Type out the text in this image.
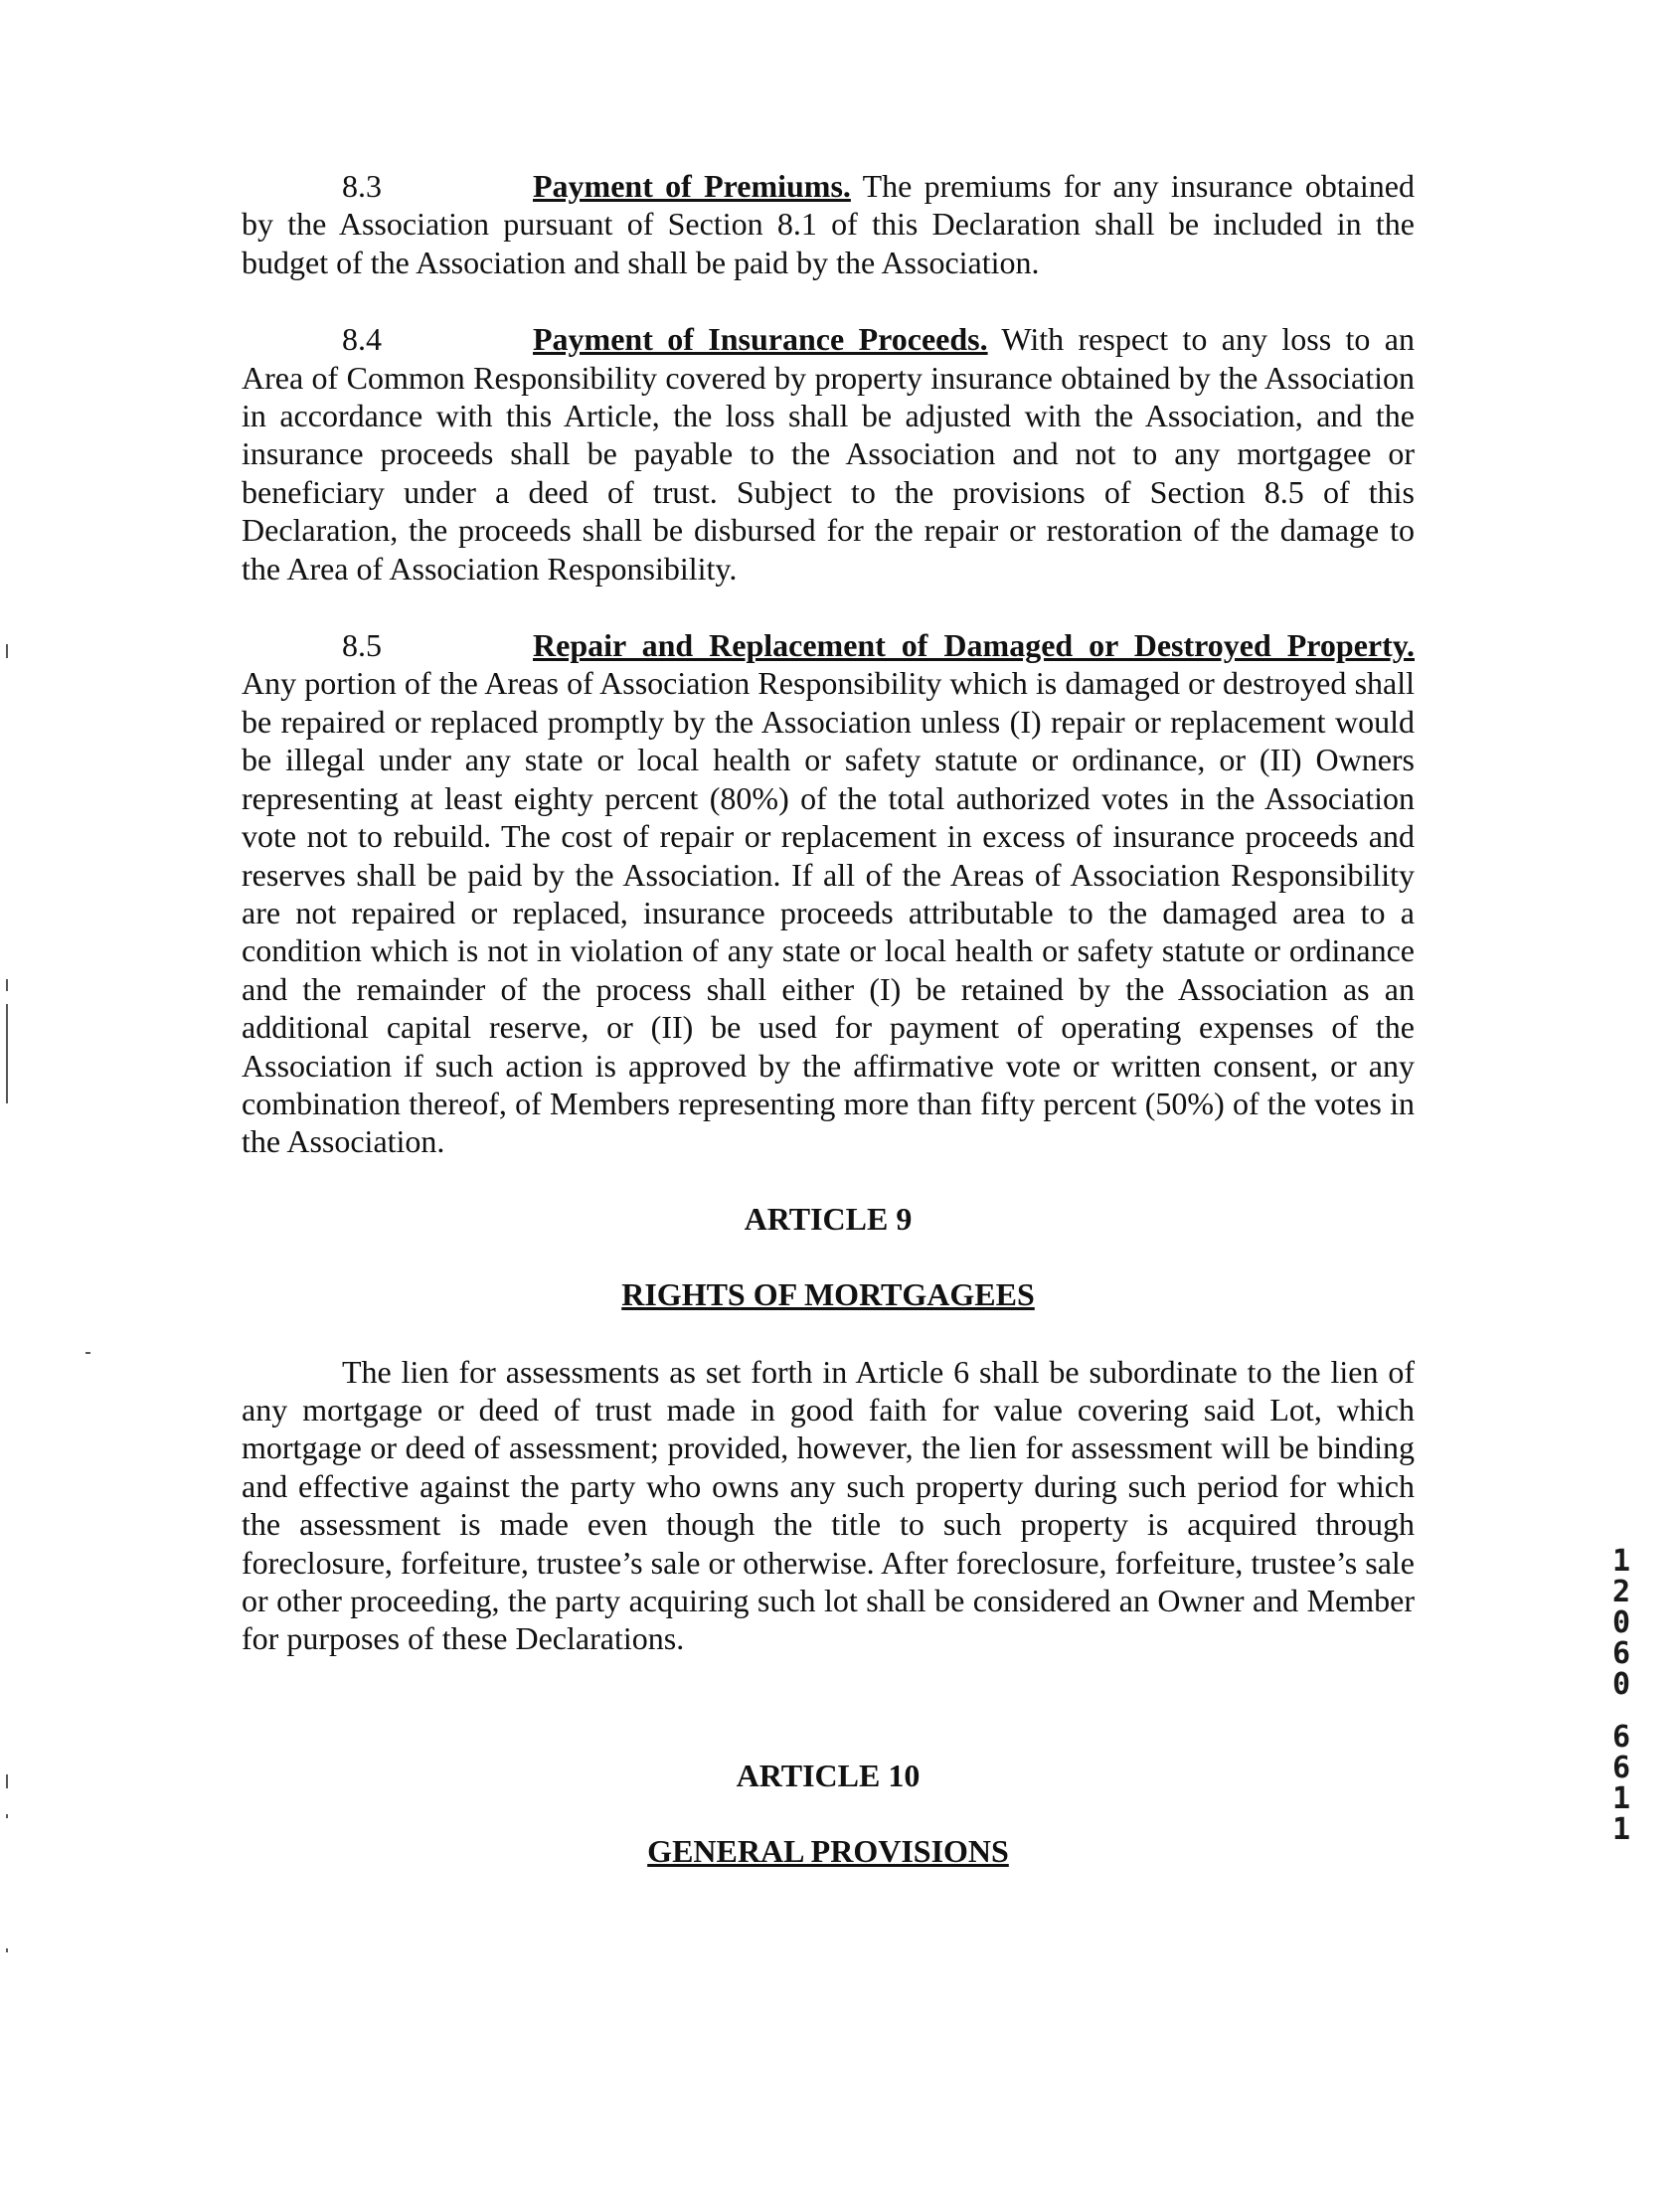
8.3	Payment of Premiums. The premiums for any insurance obtained by the Association pursuant of Section 8.1 of this Declaration shall be included in the budget of the Association and shall be paid by the Association.

8.4	Payment of Insurance Proceeds. With respect to any loss to an Area of Common Responsibility covered by property insurance obtained by the Association in accordance with this Article, the loss shall be adjusted with the Association, and the insurance proceeds shall be payable to the Association and not to any mortgagee or beneficiary under a deed of trust. Subject to the provisions of Section 8.5 of this Declaration, the proceeds shall be disbursed for the repair or restoration of the damage to the Area of Association Responsibility.

8.5	Repair and Replacement of Damaged or Destroyed Property. Any portion of the Areas of Association Responsibility which is damaged or destroyed shall be repaired or replaced promptly by the Association unless (I) repair or replacement would be illegal under any state or local health or safety statute or ordinance, or (II) Owners representing at least eighty percent (80%) of the total authorized votes in the Association vote not to rebuild. The cost of repair or replacement in excess of insurance proceeds and reserves shall be paid by the Association. If all of the Areas of Association Responsibility are not repaired or replaced, insurance proceeds attributable to the damaged area to a condition which is not in violation of any state or local health or safety statute or ordinance and the remainder of the process shall either (I) be retained by the Association as an additional capital reserve, or (II) be used for payment of operating expenses of the Association if such action is approved by the affirmative vote or written consent, or any combination thereof, of Members representing more than fifty percent (50%) of the votes in the Association.

ARTICLE 9

RIGHTS OF MORTGAGEES

The lien for assessments as set forth in Article 6 shall be subordinate to the lien of any mortgage or deed of trust made in good faith for value covering said Lot, which mortgage or deed of assessment; provided, however, the lien for assessment will be binding and effective against the party who owns any such property during such period for which the assessment is made even though the title to such property is acquired through foreclosure, forfeiture, trustee’s sale or otherwise. After foreclosure, forfeiture, trustee’s sale or other proceeding, the party acquiring such lot shall be considered an Owner and Member for purposes of these Declarations.

ARTICLE 10

GENERAL PROVISIONS

1
2
0
6
0
6
6
1
1
